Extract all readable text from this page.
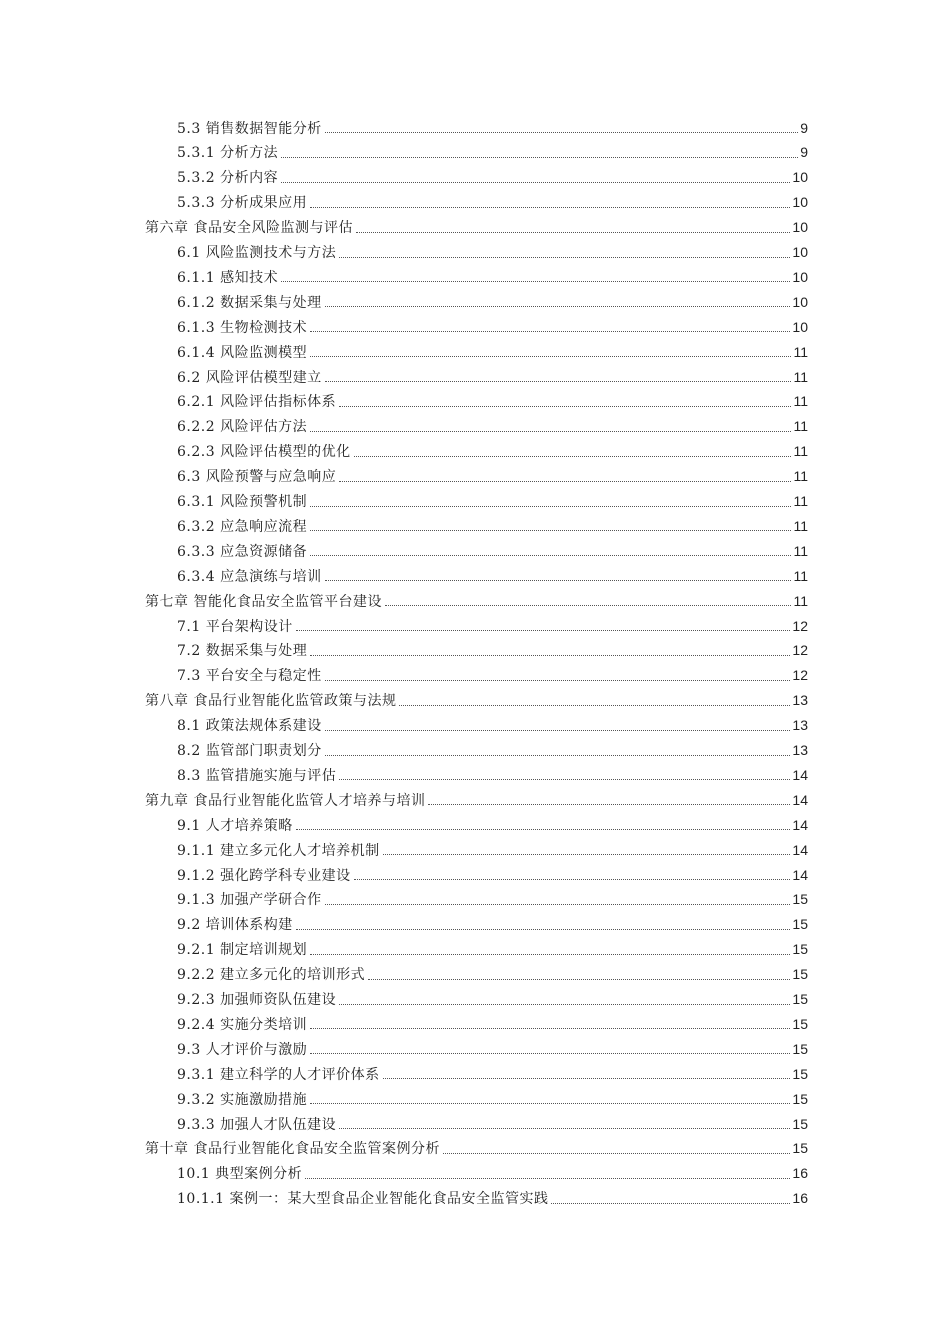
5.3 销售数据智能分析	9
5.3.1 分析方法	9
5.3.2 分析内容	10
5.3.3 分析成果应用	10
第六章 食品安全风险监测与评估	10
6.1 风险监测技术与方法	10
6.1.1 感知技术	10
6.1.2 数据采集与处理	10
6.1.3 生物检测技术	10
6.1.4 风险监测模型	11
6.2 风险评估模型建立	11
6.2.1 风险评估指标体系	11
6.2.2 风险评估方法	11
6.2.3 风险评估模型的优化	11
6.3 风险预警与应急响应	11
6.3.1 风险预警机制	11
6.3.2 应急响应流程	11
6.3.3 应急资源储备	11
6.3.4 应急演练与培训	11
第七章 智能化食品安全监管平台建设	11
7.1 平台架构设计	12
7.2 数据采集与处理	12
7.3 平台安全与稳定性	12
第八章 食品行业智能化监管政策与法规	13
8.1 政策法规体系建设	13
8.2 监管部门职责划分	13
8.3 监管措施实施与评估	14
第九章 食品行业智能化监管人才培养与培训	14
9.1 人才培养策略	14
9.1.1 建立多元化人才培养机制	14
9.1.2 强化跨学科专业建设	14
9.1.3 加强产学研合作	15
9.2 培训体系构建	15
9.2.1 制定培训规划	15
9.2.2 建立多元化的培训形式	15
9.2.3 加强师资队伍建设	15
9.2.4 实施分类培训	15
9.3 人才评价与激励	15
9.3.1 建立科学的人才评价体系	15
9.3.2 实施激励措施	15
9.3.3 加强人才队伍建设	15
第十章 食品行业智能化食品安全监管案例分析	15
10.1 典型案例分析	16
10.1.1 案例一：某大型食品企业智能化食品安全监管实践	16
